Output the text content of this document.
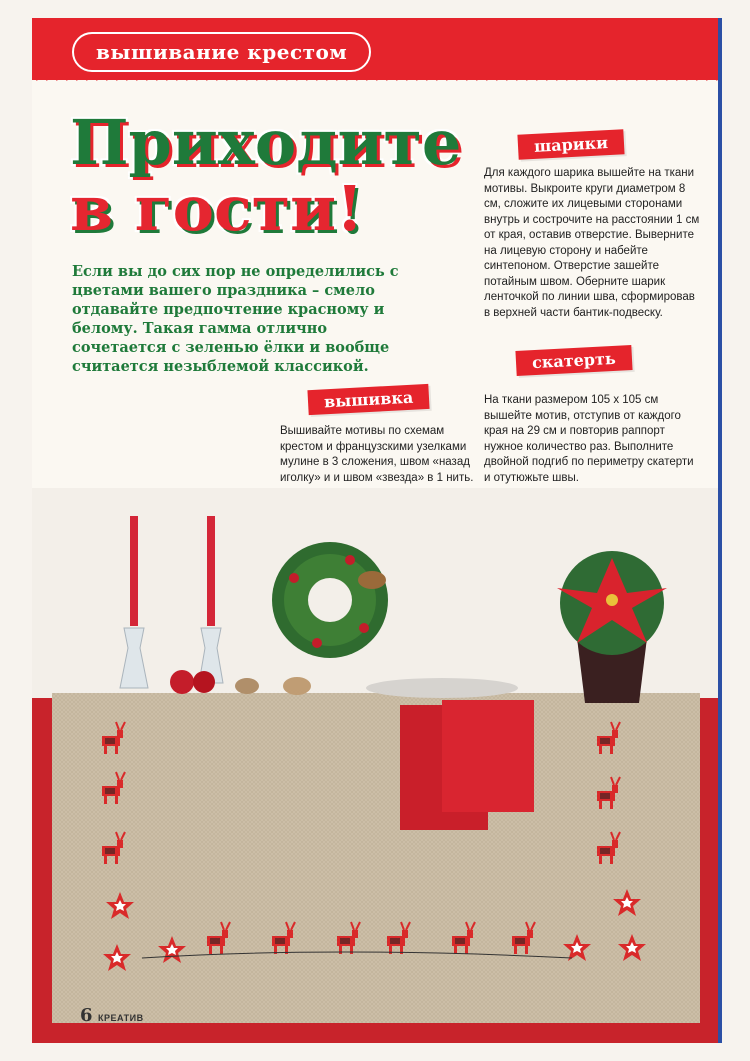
вышивание крестом
Приходите
в гости!

Если вы до сих пор не определились с цветами вашего праздника – смело отдавайте предпочтение красному и белому. Такая гамма отлично сочетается с зеленью ёлки и вообще считается незыблемой классикой.

шарики

Для каждого шарика вышейте на ткани мотивы. Выкроите круги диаметром 8 см, сложите их лицевыми сторонами внутрь и сострочите на расстоянии 1 см от края, оставив отверстие. Выверните на лицевую сторону и набейте синтепоном. Отверстие зашейте потайным швом. Оберните шарик ленточкой по линии шва, сформировав в верхней части бантик-подвеску.

скатерть

На ткани размером 105 х 105 см вышейте мотив, отступив от каждого края на 29 см и повторив раппорт нужное количество раз. Выполните двойной подгиб по периметру скатерти и отутюжьте швы.

вышивка

Вышивайте мотивы по схемам крестом и французскими узелками мулине в 3 сложения, швом «назад иголку» и и швом «звезда» в 1 нить.

6 КРЕАТИВ
